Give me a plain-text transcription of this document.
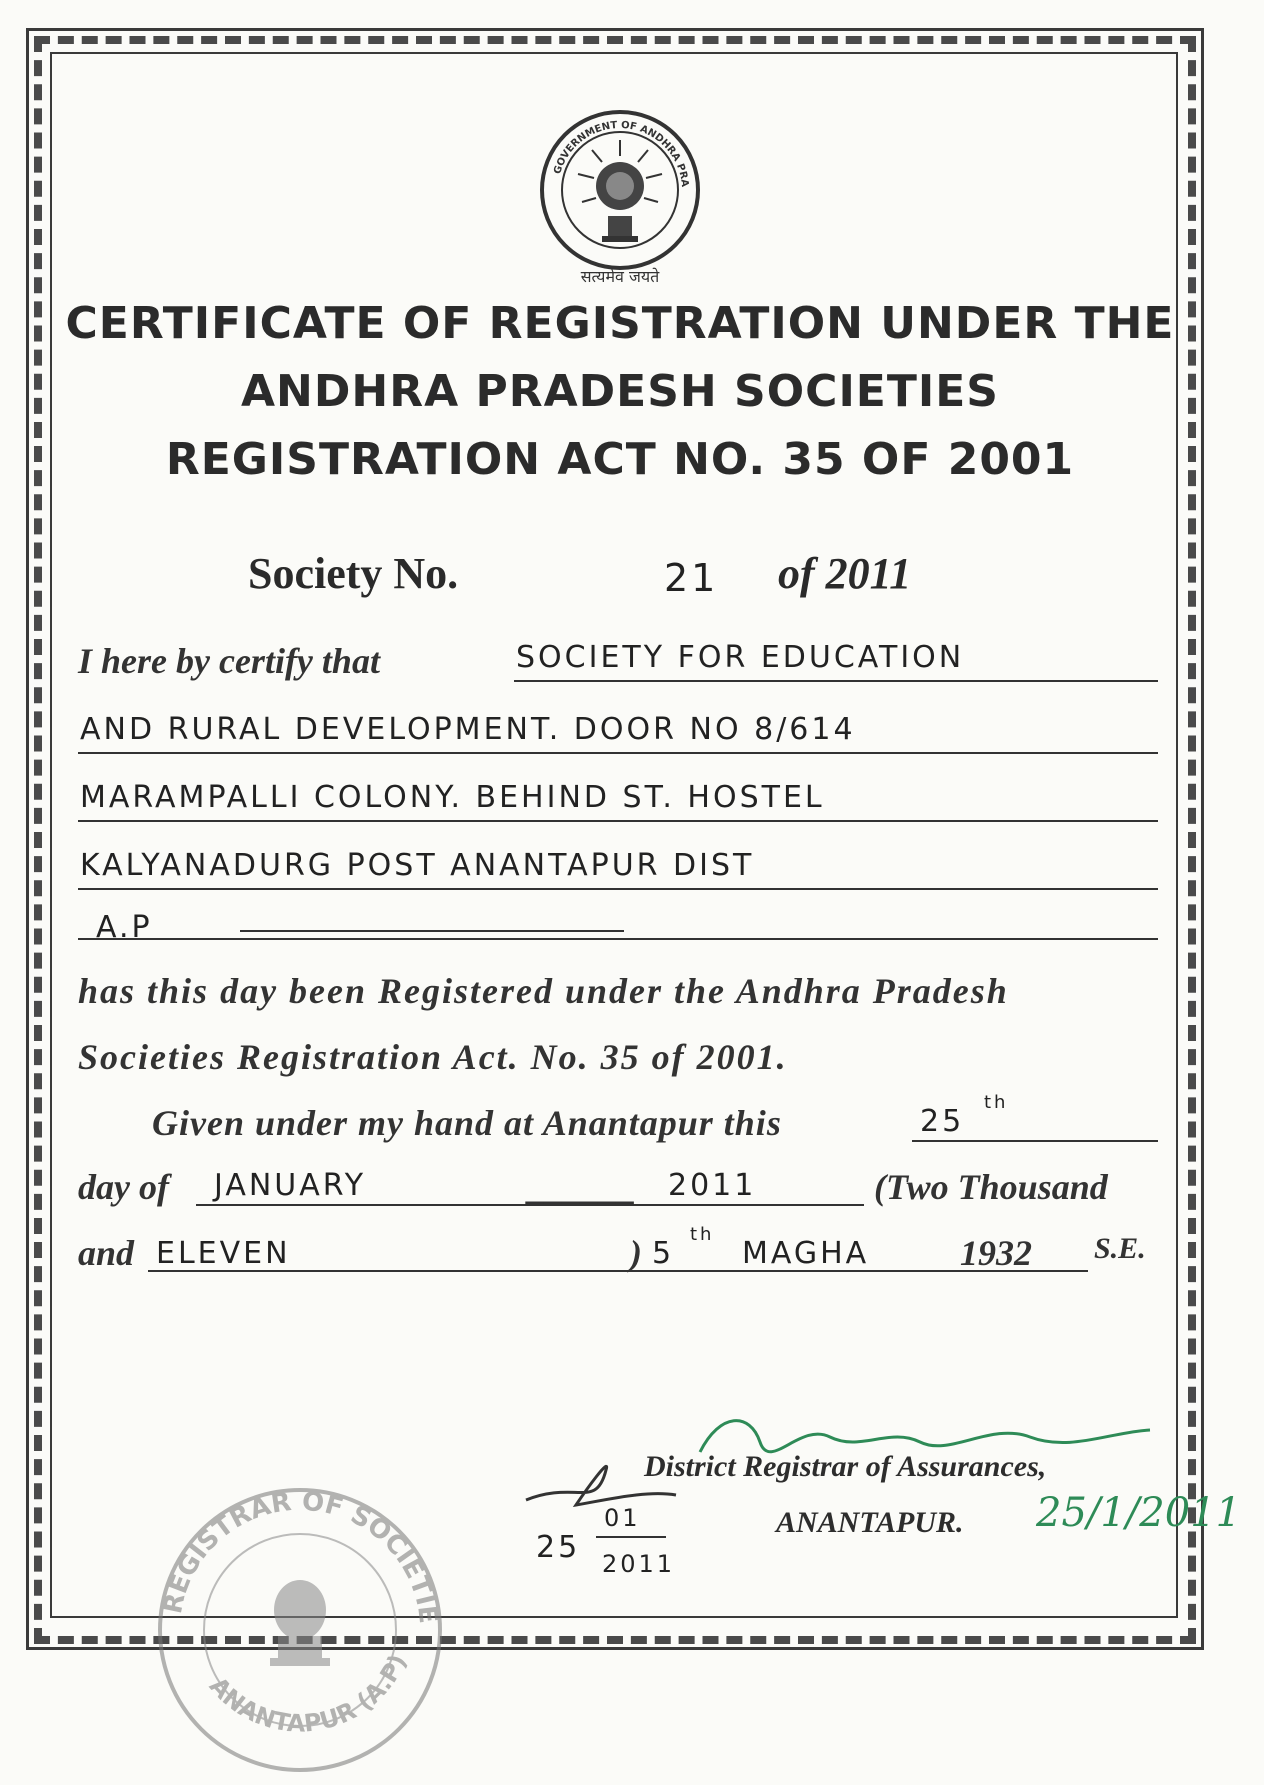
GOVERNMENT OF ANDHRA PRA
सत्यमेव जयते
CERTIFICATE OF REGISTRATION UNDER THE
ANDHRA PRADESH SOCIETIES
REGISTRATION ACT NO. 35 OF 2001
Society No.	21 of 2011
I here by certify that	SOCIETY FOR EDUCATION
AND RURAL DEVELOPMENT. DOOR NO 8/614
MARAMPALLI COLONY. BEHIND ST. HOSTEL
KALYANADURG POST ANANTAPUR DIST
A.P
has this day been Registered under the Andhra Pradesh
Societies Registration Act. No. 35 of 2001.
Given under my hand at Anantapur this	25
th
day of JANUARY	______ 2011	(Two Thousand
and ELEVEN	) 5
th
MAGHA	1932 S.E.
District Registrar of Assurances,
ANANTAPUR. 25/1/2011
25
01
2011
REGISTRAR OF SOCIETIE
ANANTAPUR (A.P)
